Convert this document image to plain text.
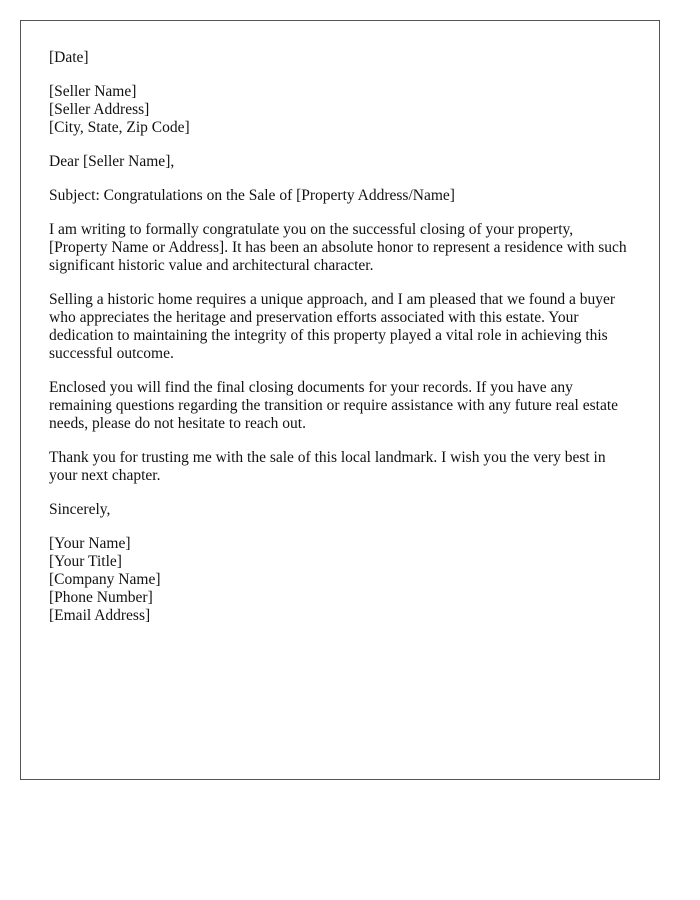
[Date]
[Seller Name]
[Seller Address]
[City, State, Zip Code]

Dear [Seller Name],

Subject: Congratulations on the Sale of [Property Address/Name]

I am writing to formally congratulate you on the successful closing of your property, [Property Name or Address]. It has been an absolute honor to represent a residence with such significant historic value and architectural character.

Selling a historic home requires a unique approach, and I am pleased that we found a buyer who appreciates the heritage and preservation efforts associated with this estate. Your dedication to maintaining the integrity of this property played a vital role in achieving this successful outcome.

Enclosed you will find the final closing documents for your records. If you have any remaining questions regarding the transition or require assistance with any future real estate needs, please do not hesitate to reach out.

Thank you for trusting me with the sale of this local landmark. I wish you the very best in your next chapter.

Sincerely,

[Your Name]
[Your Title]
[Company Name]
[Phone Number]
[Email Address]
